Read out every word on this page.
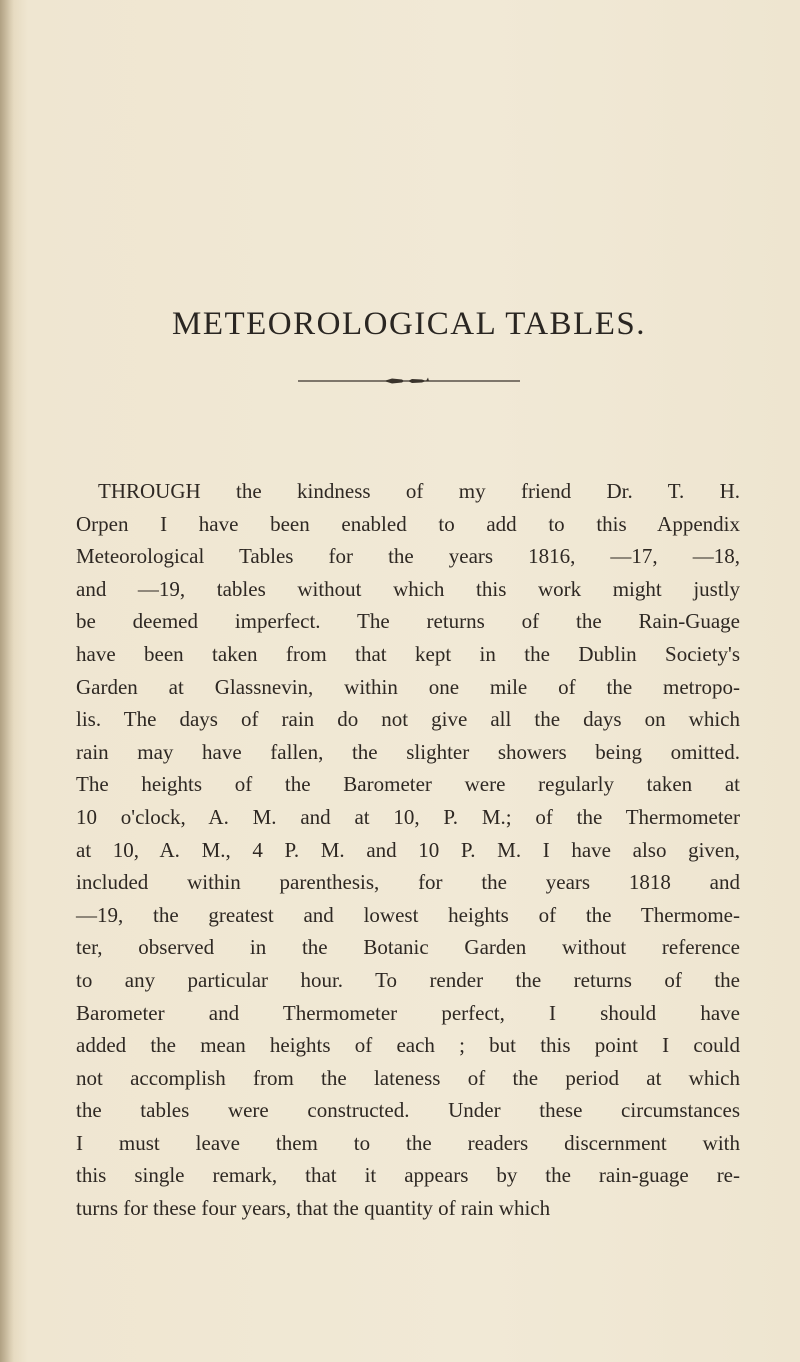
METEOROLOGICAL TABLES.

THROUGH the kindness of my friend Dr. T. H.
Orpen I have been enabled to add to this Appendix
Meteorological Tables for the years 1816, —17, —18,
and —19, tables without which this work might justly
be deemed imperfect. The returns of the Rain-Guage
have been taken from that kept in the Dublin Society's
Garden at Glassnevin, within one mile of the metropo-
lis. The days of rain do not give all the days on which
rain may have fallen, the slighter showers being omitted.
The heights of the Barometer were regularly taken at
10 o'clock, A. M. and at 10, P. M.; of the Thermometer
at 10, A. M., 4 P. M. and 10 P. M. I have also given,
included within parenthesis, for the years 1818 and
—19, the greatest and lowest heights of the Thermome-
ter, observed in the Botanic Garden without reference
to any particular hour. To render the returns of the
Barometer and Thermometer perfect, I should have
added the mean heights of each ; but this point I could
not accomplish from the lateness of the period at which
the tables were constructed. Under these circumstances
I must leave them to the readers discernment with
this single remark, that it appears by the rain-guage re-
turns for these four years, that the quantity of rain which
